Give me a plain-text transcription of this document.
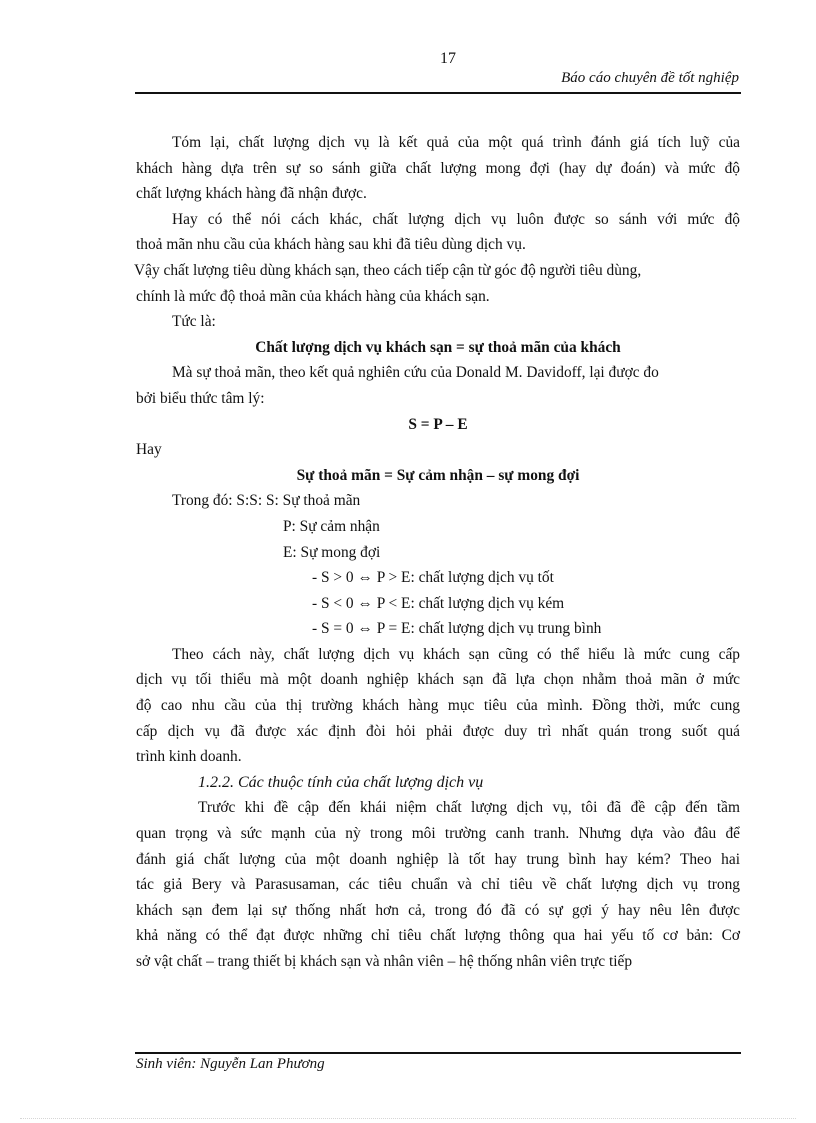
17
Báo cáo chuyên đề tốt nghiệp
Tóm lại, chất lượng dịch vụ là kết quả của một quá trình đánh giá tích luỹ của
khách hàng dựa trên sự so sánh giữa chất lượng mong đợi (hay dự đoán) và mức độ
chất lượng khách hàng đã nhận được.
Hay có thể nói cách khác, chất lượng dịch vụ luôn được so sánh với mức độ
thoả mãn nhu cầu của khách hàng sau khi đã tiêu dùng dịch vụ.
Vậy chất lượng tiêu dùng khách sạn, theo cách tiếp cận từ góc độ người tiêu dùng,
chính là mức độ thoả mãn của khách hàng của khách sạn.
Tức là:
Chất lượng dịch vụ khách sạn = sự thoả mãn của khách
Mà sự thoả mãn, theo kết quả nghiên cứu của Donald M. Davidoff, lại được đo
bởi biểu thức tâm lý:
S = P – E
Hay
Sự thoả mãn = Sự cảm nhận – sự mong đợi
Trong đó: S:S: S: Sự thoả mãn
P: Sự cảm nhận
E: Sự mong đợi
- S > 0 ⇔ P > E: chất lượng dịch vụ tốt
- S < 0 ⇔ P < E: chất lượng dịch vụ kém
- S = 0 ⇔ P = E: chất lượng dịch vụ trung bình
Theo cách này, chất lượng dịch vụ khách sạn cũng có thể hiểu là mức cung cấp
dịch vụ tối thiểu mà một doanh nghiệp khách sạn đã lựa chọn nhằm thoả mãn ở mức
độ cao nhu cầu của thị trường khách hàng mục tiêu của mình. Đồng thời, mức cung
cấp dịch vụ đã được xác định đòi hỏi phải được duy trì nhất quán trong suốt quá
trình kinh doanh.
1.2.2. Các thuộc tính của chất lượng dịch vụ
Trước khi đề cập đến khái niệm chất lượng dịch vụ, tôi đã đề cập đến tầm
quan trọng và sức mạnh của nỳ trong môi trường canh tranh. Nhưng dựa vào đâu để
đánh giá chất lượng của một doanh nghiệp là tốt hay trung bình hay kém? Theo hai
tác giả Bery và Parasusaman, các tiêu chuẩn và chỉ tiêu về chất lượng dịch vụ trong
khách sạn đem lại sự thống nhất hơn cả, trong đó đã có sự gợi ý hay nêu lên được
khả năng có thể đạt được những chỉ tiêu chất lượng thông qua hai yếu tố cơ bản: Cơ
sở vật chất – trang thiết bị khách sạn và nhân viên – hệ thống nhân viên trực tiếp
Sinh viên: Nguyễn Lan Phương
